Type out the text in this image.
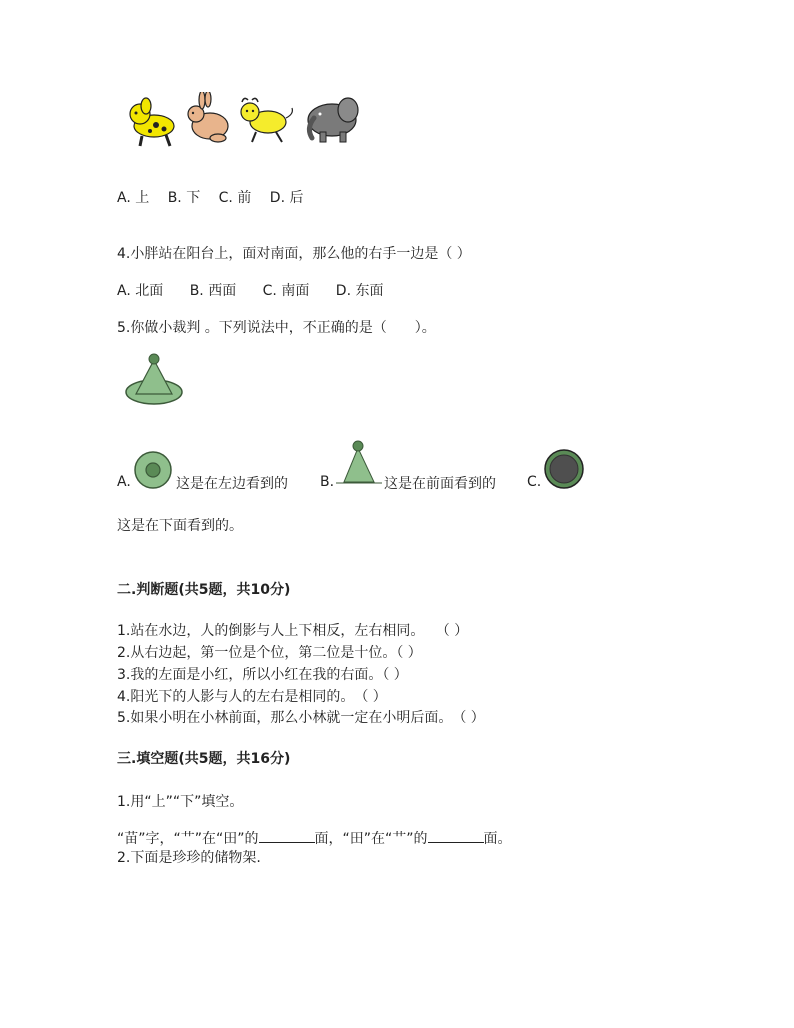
A. 上 B. 下 C. 前 D. 后
4.小胖站在阳台上，面对南面，那么他的右手一边是（ ）
A. 北面 B. 西面 C. 南面 D. 东面
5.你做小裁判 。下列说法中，不正确的是（　　）。
A.	这是在左边看到的 B.	这是在前面看到的 C.
这是在下面看到的。
二.判断题(共5题，共10分)
1.站在水边，人的倒影与人上下相反，左右相同。　 （ ）
2.从右边起，第一位是个位，第二位是十位。（ ）
3.我的左面是小红，所以小红在我的右面。（ ）
4.阳光下的人影与人的左右是相同的。　（ ）
5.如果小明在小林前面，那么小林就一定在小明后面。　（ ）
三.填空题(共5题，共16分)
1.用“上”“下”填空。
“苗”字，“艹”在“田”的	面，“田”在“艹”的	面。
2.下面是珍珍的储物架.
